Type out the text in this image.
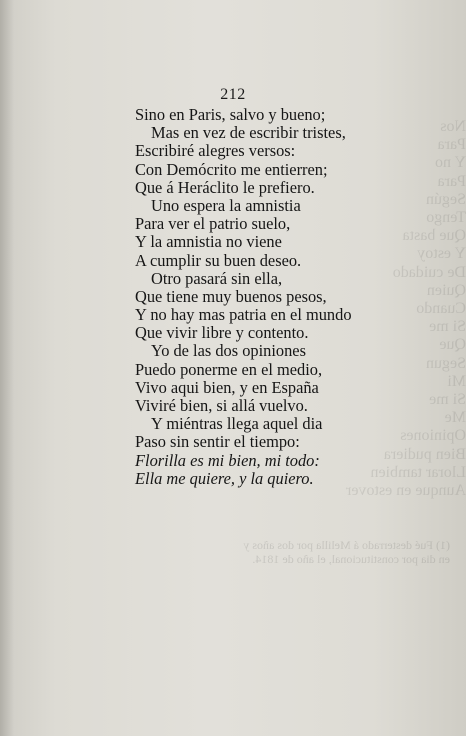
Nos
Para
Y no
Para
Según
Tengo
Que basta
Y estoy
De cuidado
Quien
Cuando
Si me
Que
Segun
Mi
Si me
Me
Opiniones
Bien pudiera
Llorar tambien
Aunque en estover
(1) Fué desterrado á Melilla por dos años y
en dia por constitucional, el año de 1814.
212
Sino en Paris, salvo y bueno;
Mas en vez de escribir tristes,
Escribiré alegres versos:
Con Demócrito me entierren;
Que á Heráclito le prefiero.
Uno espera la amnistia
Para ver el patrio suelo,
Y la amnistia no viene
A cumplir su buen deseo.
Otro pasará sin ella,
Que tiene muy buenos pesos,
Y no hay mas patria en el mundo
Que vivir libre y contento.
Yo de las dos opiniones
Puedo ponerme en el medio,
Vivo aqui bien, y en España
Viviré bien, si allá vuelvo.
Y miéntras llega aquel dia
Paso sin sentir el tiempo:
Florilla es mi bien, mi todo:
Ella me quiere, y la quiero.
